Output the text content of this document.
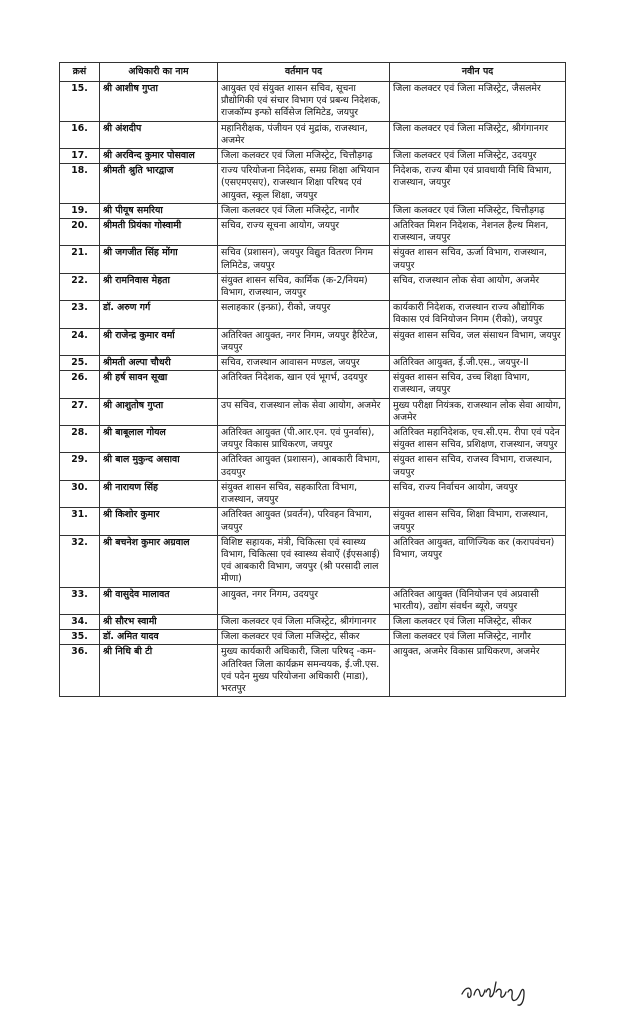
क्रसं	अधिकारी का नाम	वर्तमान पद	नवीन पद
15.	श्री आशीष गुप्ता	आयुक्त एवं संयुक्त शासन सचिव, सूचना प्रौद्योगिकी एवं संचार विभाग एवं प्रबन्ध निदेशक, राजकॉम्प इन्फो सर्विसेज लिमिटेड, जयपुर	जिला कलक्टर एवं जिला मजिस्ट्रेट, जैसलमेर
16.	श्री अंशदीप	महानिरीक्षक, पंजीयन एवं मुद्रांक, राजस्थान, अजमेर	जिला कलक्टर एवं जिला मजिस्ट्रेट, श्रीगंगानगर
17.	श्री अरविन्द कुमार पोसवाल	जिला कलक्टर एवं जिला मजिस्ट्रेट, चित्तौड़गढ़	जिला कलक्टर एवं जिला मजिस्ट्रेट, उदयपुर
18.	श्रीमती श्रुति भारद्वाज	राज्य परियोजना निदेशक, समग्र शिक्षा अभियान (एसएमएसए), राजस्थान शिक्षा परिषद एवं आयुक्त, स्कूल शिक्षा, जयपुर	निदेशक, राज्य बीमा एवं प्रावधायी निधि विभाग, राजस्थान, जयपुर
19.	श्री पीयूष समरिया	जिला कलक्टर एवं जिला मजिस्ट्रेट, नागौर	जिला कलक्टर एवं जिला मजिस्ट्रेट, चित्तौड़गढ़
20.	श्रीमती प्रियंका गोस्वामी	सचिव, राज्य सूचना आयोग, जयपुर	अतिरिक्त मिशन निदेशक, नेशनल हैल्थ मिशन, राजस्थान, जयपुर
21.	श्री जगजीत सिंह मोंगा	सचिव (प्रशासन), जयपुर विद्युत वितरण निगम लिमिटेड, जयपुर	संयुक्त शासन सचिव, ऊर्जा विभाग, राजस्थान, जयपुर
22.	श्री रामनिवास मेहता	संयुक्त शासन सचिव, कार्मिक (क-2/नियम) विभाग, राजस्थान, जयपुर	सचिव, राजस्थान लोक सेवा आयोग, अजमेर
23.	डॉ. अरुण गर्ग	सलाहकार (इन्फ्रा), रीको, जयपुर	कार्यकारी निदेशक, राजस्थान राज्य औद्योगिक विकास एवं विनियोजन निगम (रीको), जयपुर
24.	श्री राजेन्द्र कुमार वर्मा	अतिरिक्त आयुक्त, नगर निगम, जयपुर हैरिटेज, जयपुर	संयुक्त शासन सचिव, जल संसाधन विभाग, जयपुर
25.	श्रीमती अल्पा चौधरी	सचिव, राजस्थान आवासन मण्डल, जयपुर	अतिरिक्त आयुक्त, ई.जी.एस., जयपुर-II
26.	श्री हर्ष सावन सूखा	अतिरिक्त निदेशक, खान एवं भूगर्भ, उदयपुर	संयुक्त शासन सचिव, उच्च शिक्षा विभाग, राजस्थान, जयपुर
27.	श्री आशुतोष गुप्ता	उप सचिव, राजस्थान लोक सेवा आयोग, अजमेर	मुख्य परीक्षा नियंत्रक, राजस्थान लोक सेवा आयोग, अजमेर
28.	श्री बाबूलाल गोयल	अतिरिक्त आयुक्त (पी.आर.एन. एवं पुनर्वास), जयपुर विकास प्राधिकरण, जयपुर	अतिरिक्त महानिदेशक, एच.सी.एम. रीपा एवं पदेन संयुक्त शासन सचिव, प्रशिक्षण, राजस्थान, जयपुर
29.	श्री बाल मुकुन्द असावा	अतिरिक्त आयुक्त (प्रशासन), आबकारी विभाग, उदयपुर	संयुक्त शासन सचिव, राजस्व विभाग, राजस्थान, जयपुर
30.	श्री नारायण सिंह	संयुक्त शासन सचिव, सहकारिता विभाग, राजस्थान, जयपुर	सचिव, राज्य निर्वाचन आयोग, जयपुर
31.	श्री किशोर कुमार	अतिरिक्त आयुक्त (प्रवर्तन), परिवहन विभाग, जयपुर	संयुक्त शासन सचिव, शिक्षा विभाग, राजस्थान, जयपुर
32.	श्री बचनेश कुमार अग्रवाल	विशिष्ट सहायक, मंत्री, चिकित्सा एवं स्वास्थ्य विभाग, चिकित्सा एवं स्वास्थ्य सेवाऐं (ईएसआई) एवं आबकारी विभाग, जयपुर (श्री परसादी लाल मीणा)	अतिरिक्त आयुक्त, वाणिज्यिक कर (करापवंचन) विभाग, जयपुर
33.	श्री वासुदेव मालावत	आयुक्त, नगर निगम, उदयपुर	अतिरिक्त आयुक्त (विनियोजन एवं अप्रवासी भारतीय), उद्योग संवर्धन ब्यूरो, जयपुर
34.	श्री सौरभ स्वामी	जिला कलक्टर एवं जिला मजिस्ट्रेट, श्रीगंगानगर	जिला कलक्टर एवं जिला मजिस्ट्रेट, सीकर
35.	डॉ. अमित यादव	जिला कलक्टर एवं जिला मजिस्ट्रेट, सीकर	जिला कलक्टर एवं जिला मजिस्ट्रेट, नागौर
36.	श्री निधि बी टी	मुख्य कार्यकारी अधिकारी, जिला परिषद् -कम- अतिरिक्त जिला कार्यक्रम समन्वयक, ई.जी.एस. एवं पदेन मुख्य परियोजना अधिकारी (माडा), भरतपुर	आयुक्त, अजमेर विकास प्राधिकरण, अजमेर
